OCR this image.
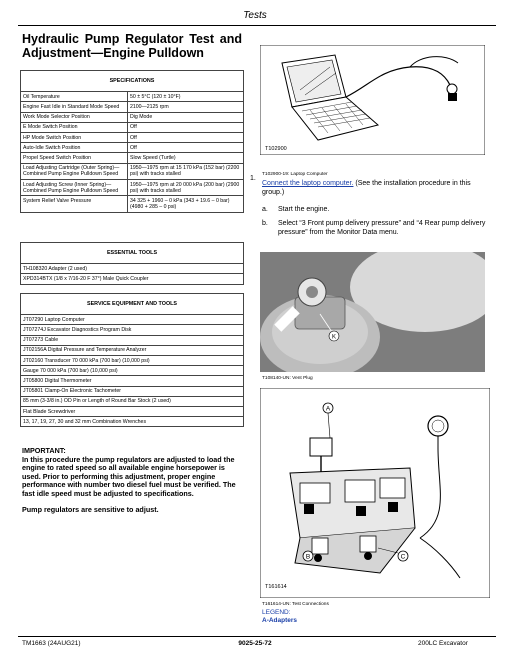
Tests
Hydraulic Pump Regulator Test and
Adjustment—Engine Pulldown
SPECIFICATIONS	
Oil Temperature	50 ± 5°C (120 ± 10°F)
Engine Fast Idle in Standard Mode Speed	2100—2125 rpm
Work Mode Selector Position	Dig Mode
E Mode Switch Position	Off
HP Mode Switch Position	Off
Auto-Idle Switch Position	Off
Propel Speed Switch Position	Slow Speed (Turtle)
Load Adjusting Cartridge (Outer Spring)—Combined Pump Engine Pulldown Speed	1950—1975 rpm at 15 170 kPa (152 bar) (2200 psi) with tracks stalled
Load Adjusting Screw (Inner Spring)—Combined Pump Engine Pulldown Speed	1950—1975 rpm at 20 000 kPa (200 bar) (2900 psi) with tracks stalled
System Relief Valve Pressure	34 325 + 1960 – 0 kPa (343 + 19.6 – 0 bar) (4980 + 285 – 0 psi)
ESSENTIAL TOOLS
TH108320 Adapter (2 used)
XPD314BTX (1/8 x 7/16-20 F 37°) Male Quick Coupler
SERVICE EQUIPMENT AND TOOLS
JT07290 Laptop Computer
JT07274J Excavator Diagnostics Program Disk
JT07273 Cable
JT02156A Digital Pressure and Temperature Analyzer
JT02160 Transducer 70 000 kPa (700 bar) (10,000 psi)
Gauge 70 000 kPa (700 bar) (10,000 psi)
JT05800 Digital Thermometer
JT05801 Clamp-On Electronic Tachometer
85 mm (3-3/8 in.) OD Pin or Length of Round Bar Stock (2 used)
Flat Blade Screwdriver
13, 17, 19, 27, 30 and 32 mm Combination Wrenches

IMPORTANT:
In this procedure the pump regulators are adjusted to load the engine to rated speed so all available engine horsepower is used. Prior to performing this adjustment, proper engine performance with number two diesel fuel must be verified. The fast idle speed must be adjusted to specifications.

Pump regulators are sensitive to adjust.

T102900
T102900-19: Laptop Computer
1.
Connect the laptop computer. (See the installation procedure in this group.)
a. Start the engine.
b. Select “3 Front pump delivery pressure” and “4 Rear pump delivery pressure” from the Monitor Data menu.
K
T108140-UN: Vent Plug
A
B	C
T161614
T161614-UN: Test Connections
LEGEND:
A-Adapters
TM1663 (24AUG21)	9025-25-72	200LC Excavator
